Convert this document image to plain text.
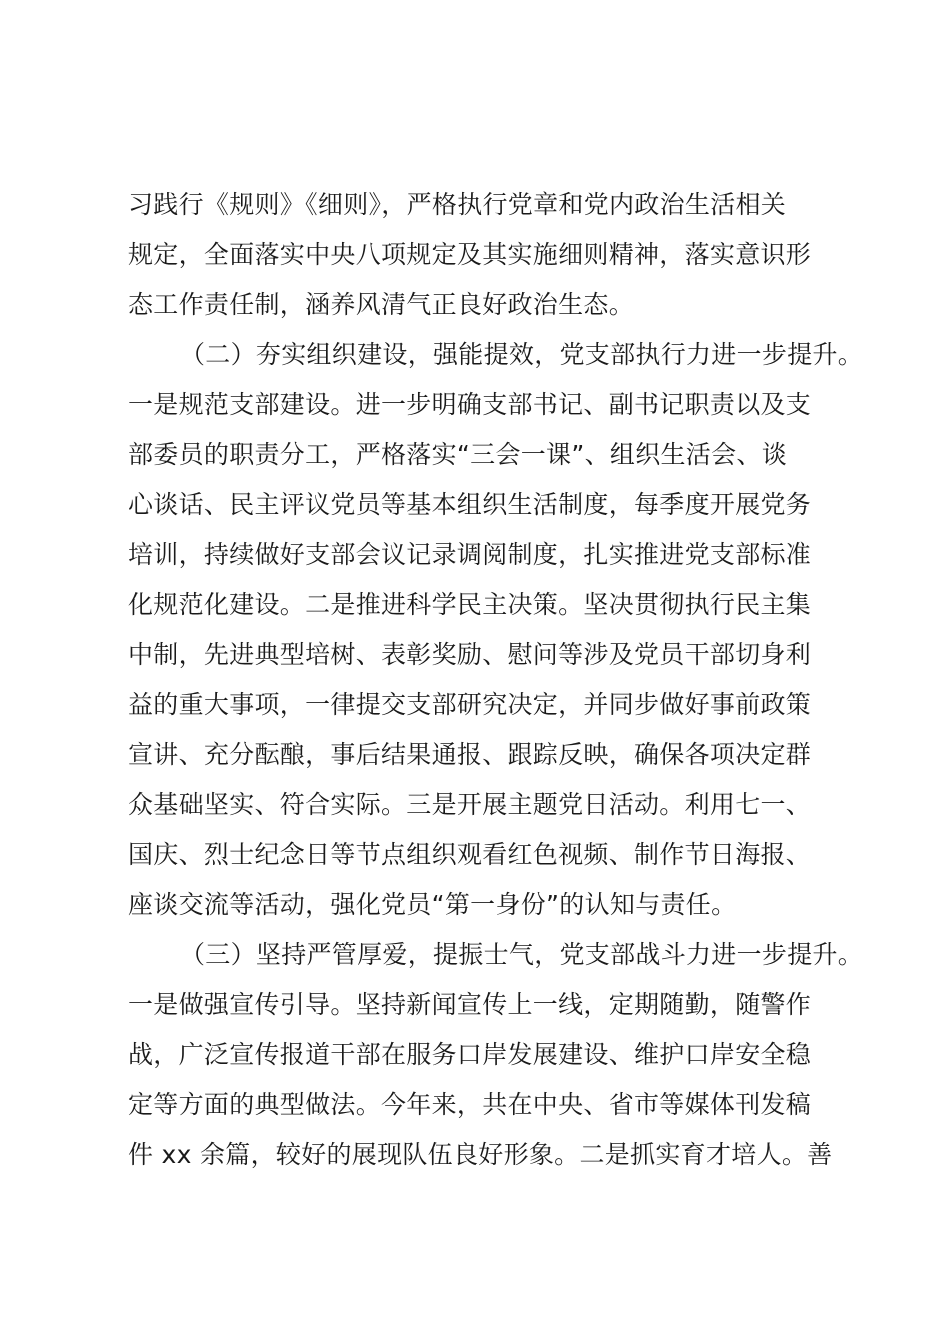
习践行《规则》《细则》，严格执行党章和党内政治生活相关
规定，全面落实中央八项规定及其实施细则精神，落实意识形
态工作责任制，涵养风清气正良好政治生态。
（二）夯实组织建设，强能提效，党支部执行力进一步提升。
一是规范支部建设。进一步明确支部书记、副书记职责以及支
部委员的职责分工，严格落实“三会一课”、组织生活会、谈
心谈话、民主评议党员等基本组织生活制度，每季度开展党务
培训，持续做好支部会议记录调阅制度，扎实推进党支部标准
化规范化建设。二是推进科学民主决策。坚决贯彻执行民主集
中制，先进典型培树、表彰奖励、慰问等涉及党员干部切身利
益的重大事项，一律提交支部研究决定，并同步做好事前政策
宣讲、充分酝酿，事后结果通报、跟踪反映，确保各项决定群
众基础坚实、符合实际。三是开展主题党日活动。利用七一、
国庆、烈士纪念日等节点组织观看红色视频、制作节日海报、
座谈交流等活动，强化党员“第一身份”的认知与责任。
（三）坚持严管厚爱，提振士气，党支部战斗力进一步提升。
一是做强宣传引导。坚持新闻宣传上一线，定期随勤，随警作
战，广泛宣传报道干部在服务口岸发展建设、维护口岸安全稳
定等方面的典型做法。今年来，共在中央、省市等媒体刊发稿
件 xx 余篇，较好的展现队伍良好形象。二是抓实育才培人。善
